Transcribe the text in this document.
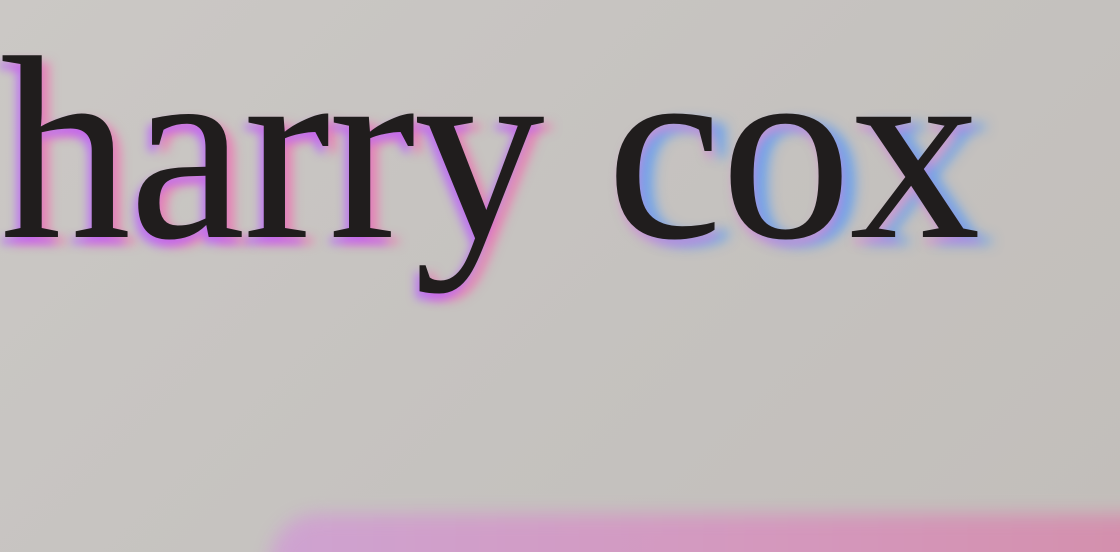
harry cox
